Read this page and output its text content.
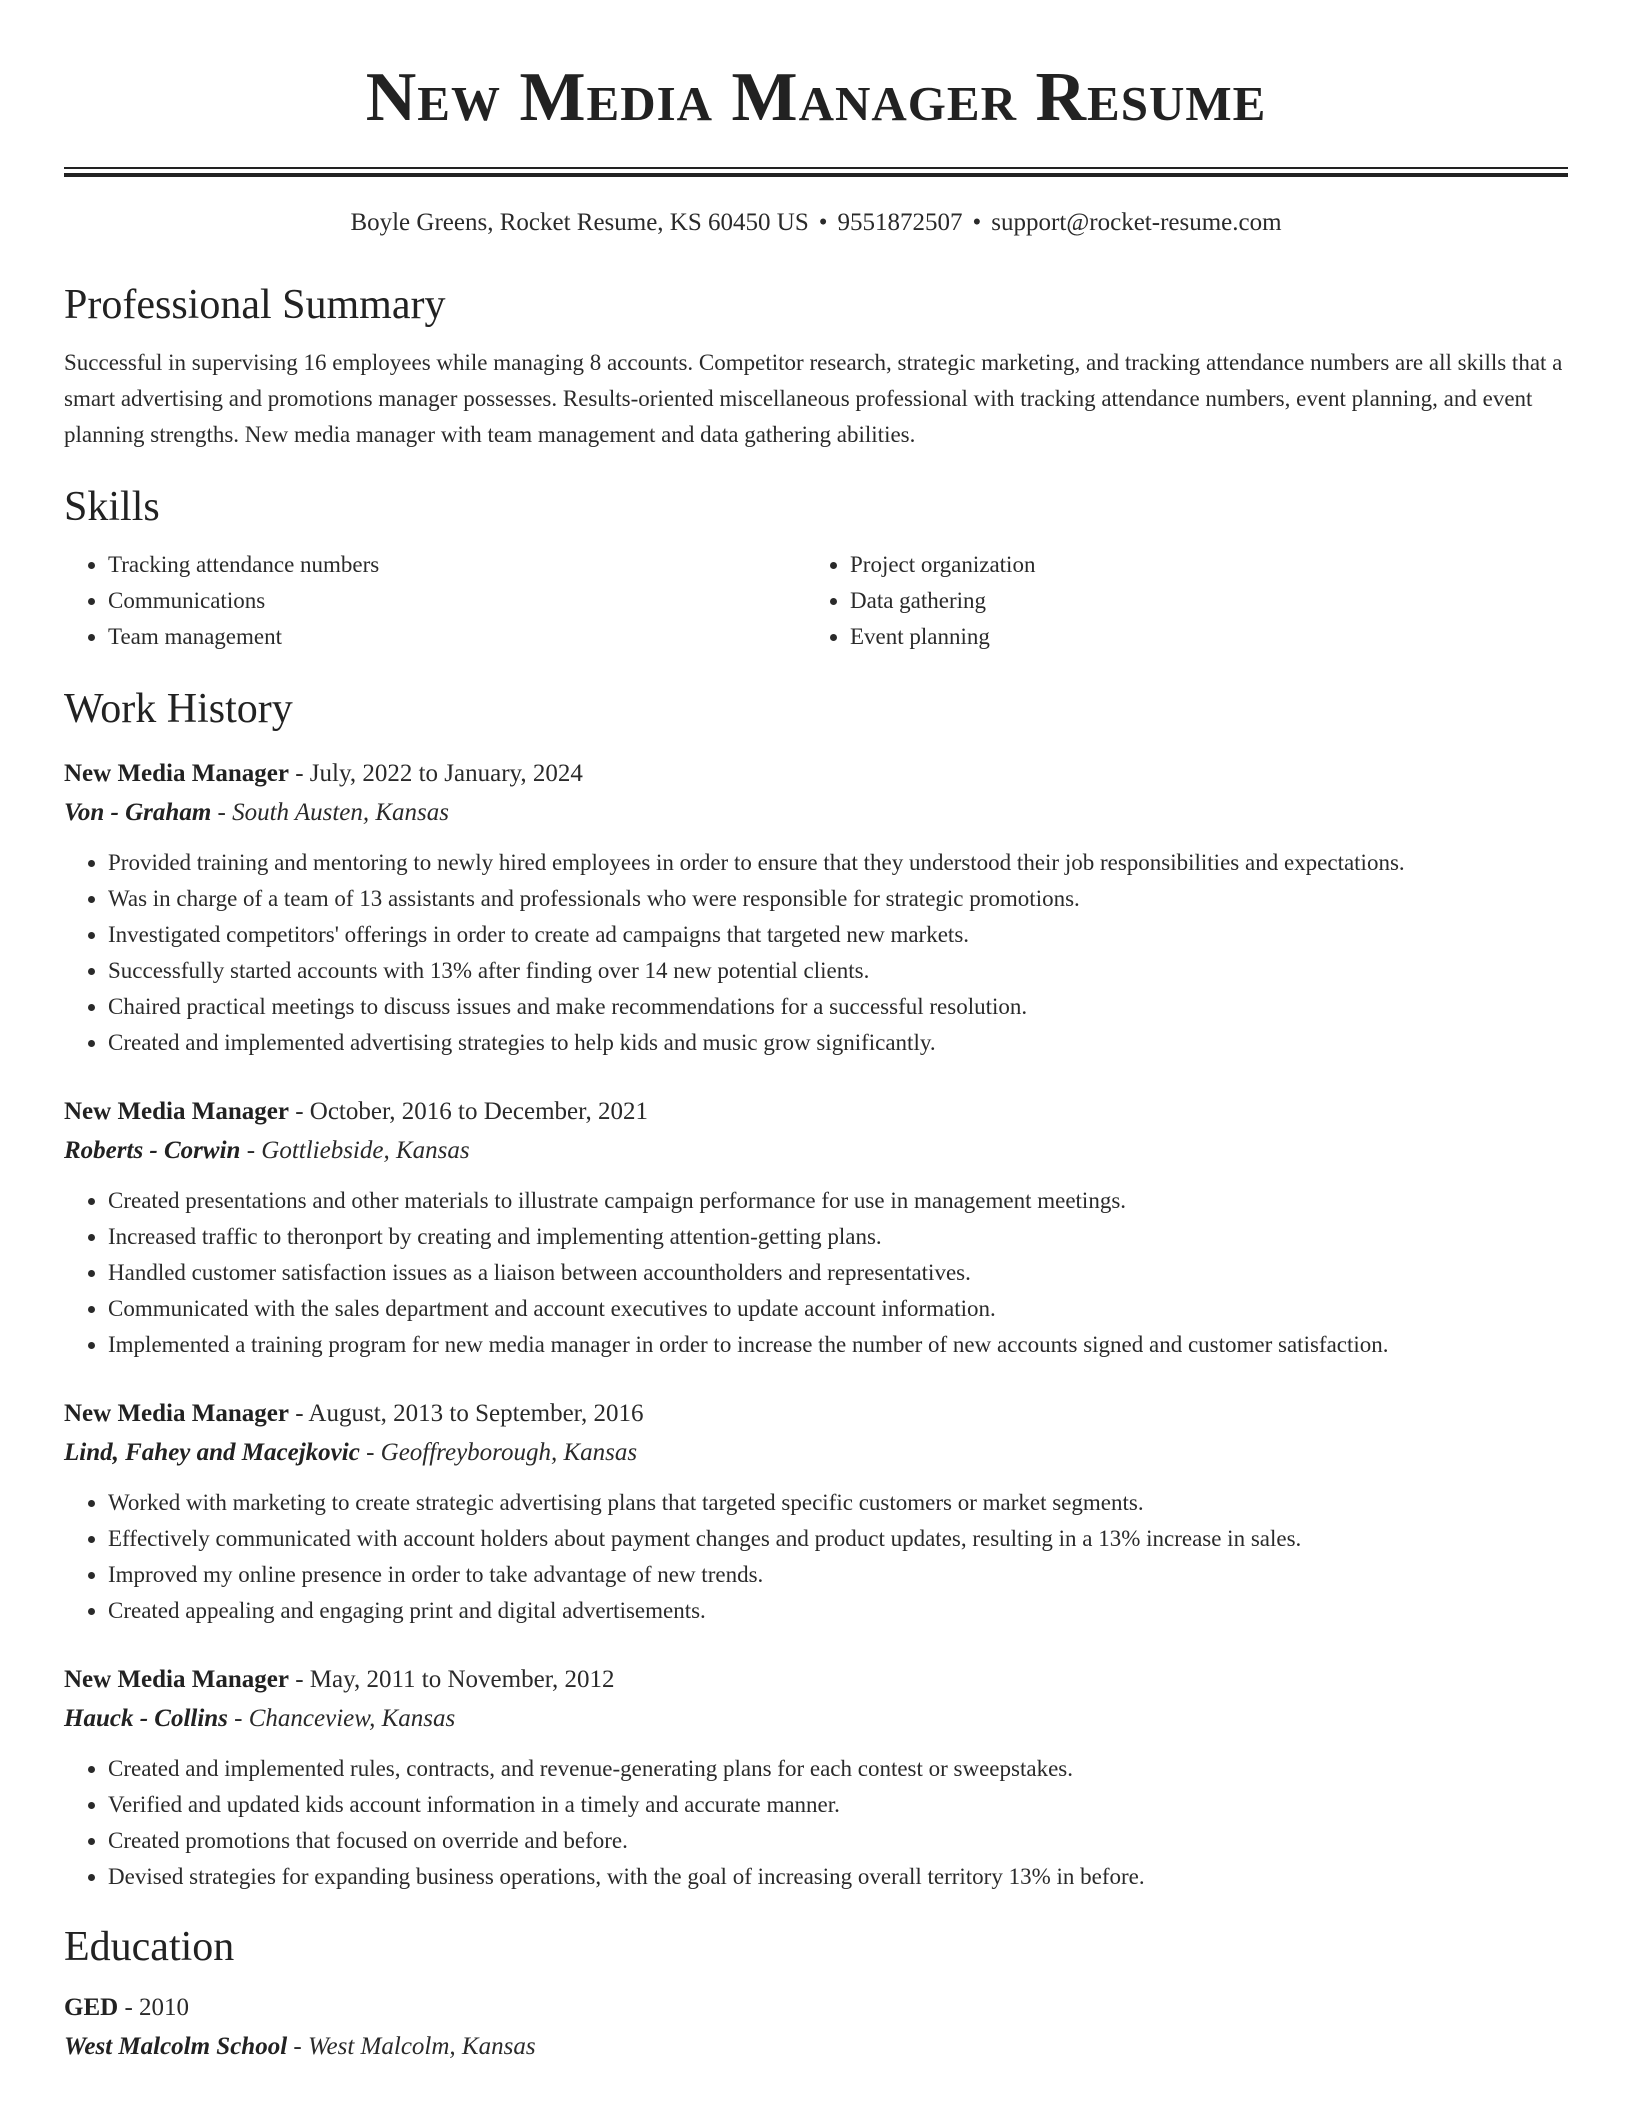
New Media Manager Resume
Boyle Greens, Rocket Resume, KS 60450 US • 9551872507 • support@rocket-resume.com
Professional Summary

Successful in supervising 16 employees while managing 8 accounts. Competitor research, strategic marketing, and tracking attendance numbers are all skills that a smart advertising and promotions manager possesses. Results-oriented miscellaneous professional with tracking attendance numbers, event planning, and event planning strengths. New media manager with team management and data gathering abilities.

Skills
• Tracking attendance numbers
• Communications
• Team management
• Project organization
• Data gathering
• Event planning
Work History
New Media Manager - July, 2022 to January, 2024
Von - Graham - South Austen, Kansas
• Provided training and mentoring to newly hired employees in order to ensure that they understood their job responsibilities and expectations.
• Was in charge of a team of 13 assistants and professionals who were responsible for strategic promotions.
• Investigated competitors' offerings in order to create ad campaigns that targeted new markets.
• Successfully started accounts with 13% after finding over 14 new potential clients.
• Chaired practical meetings to discuss issues and make recommendations for a successful resolution.
• Created and implemented advertising strategies to help kids and music grow significantly.
New Media Manager - October, 2016 to December, 2021
Roberts - Corwin - Gottliebside, Kansas
• Created presentations and other materials to illustrate campaign performance for use in management meetings.
• Increased traffic to theronport by creating and implementing attention-getting plans.
• Handled customer satisfaction issues as a liaison between accountholders and representatives.
• Communicated with the sales department and account executives to update account information.
• Implemented a training program for new media manager in order to increase the number of new accounts signed and customer satisfaction.
New Media Manager - August, 2013 to September, 2016
Lind, Fahey and Macejkovic - Geoffreyborough, Kansas
• Worked with marketing to create strategic advertising plans that targeted specific customers or market segments.
• Effectively communicated with account holders about payment changes and product updates, resulting in a 13% increase in sales.
• Improved my online presence in order to take advantage of new trends.
• Created appealing and engaging print and digital advertisements.
New Media Manager - May, 2011 to November, 2012
Hauck - Collins - Chanceview, Kansas
• Created and implemented rules, contracts, and revenue-generating plans for each contest or sweepstakes.
• Verified and updated kids account information in a timely and accurate manner.
• Created promotions that focused on override and before.
• Devised strategies for expanding business operations, with the goal of increasing overall territory 13% in before.
Education
GED - 2010
West Malcolm School - West Malcolm, Kansas
